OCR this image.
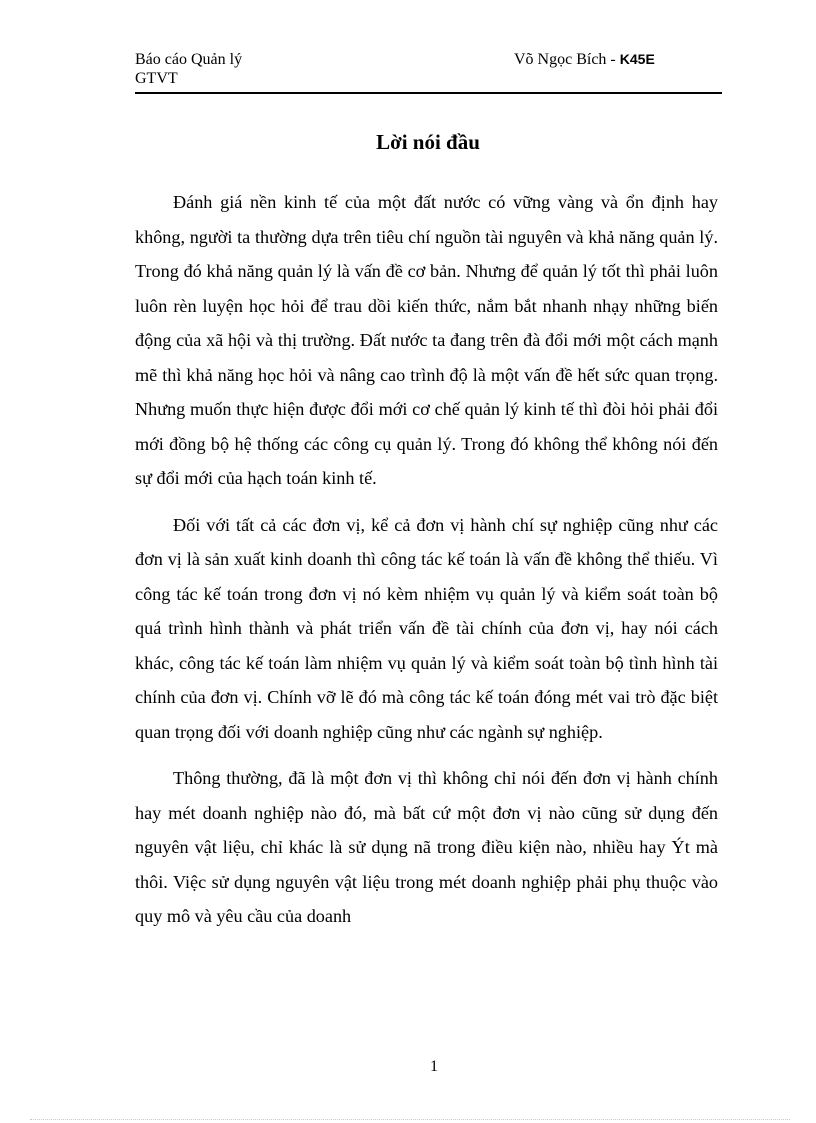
Báo cáo Quản lý
GTVT
Võ Ngọc Bích - K45E
Lời nói đầu

Đánh giá nền kinh tế của một đất nước có vững vàng và ổn định hay không, người ta thường dựa trên tiêu chí nguồn tài nguyên và khả năng quản lý. Trong đó khả năng quản lý là vấn đề cơ bản. Nhưng để quản lý tốt thì phải luôn luôn rèn luyện học hỏi để trau dồi kiến thức, nắm bắt nhanh nhạy những biến động của xã hội và thị trường. Đất nước ta đang trên đà đổi mới một cách mạnh mẽ thì khả năng học hỏi và nâng cao trình độ là một vấn đề hết sức quan trọng. Nhưng muốn thực hiện được đổi mới cơ chế quản lý kinh tế thì đòi hỏi phải đổi mới đồng bộ hệ thống các công cụ quản lý. Trong đó không thể không nói đến sự đổi mới của hạch toán kinh tế.

Đối với tất cả các đơn vị, kể cả đơn vị hành chí sự nghiệp cũng như các đơn vị là sản xuất kinh doanh thì công tác kế toán là vấn đề không thể thiếu. Vì công tác kế toán trong đơn vị nó kèm nhiệm vụ quản lý và kiểm soát toàn bộ quá trình hình thành và phát triển vấn đề tài chính của đơn vị, hay nói cách khác, công tác kế toán làm nhiệm vụ quản lý và kiểm soát toàn bộ tình hình tài chính của đơn vị. Chính vỡ lẽ đó mà công tác kế toán đóng mét vai trò đặc biệt quan trọng đối với doanh nghiệp cũng như các ngành sự nghiệp.

Thông thường, đã là một đơn vị thì không chỉ nói đến đơn vị hành chính hay mét doanh nghiệp nào đó, mà bất cứ một đơn vị nào cũng sử dụng đến nguyên vật liệu, chỉ khác là sử dụng nã trong điều kiện nào, nhiều hay Ýt mà thôi. Việc sử dụng nguyên vật liệu trong mét doanh nghiệp phải phụ thuộc vào quy mô và yêu cầu của doanh

1
